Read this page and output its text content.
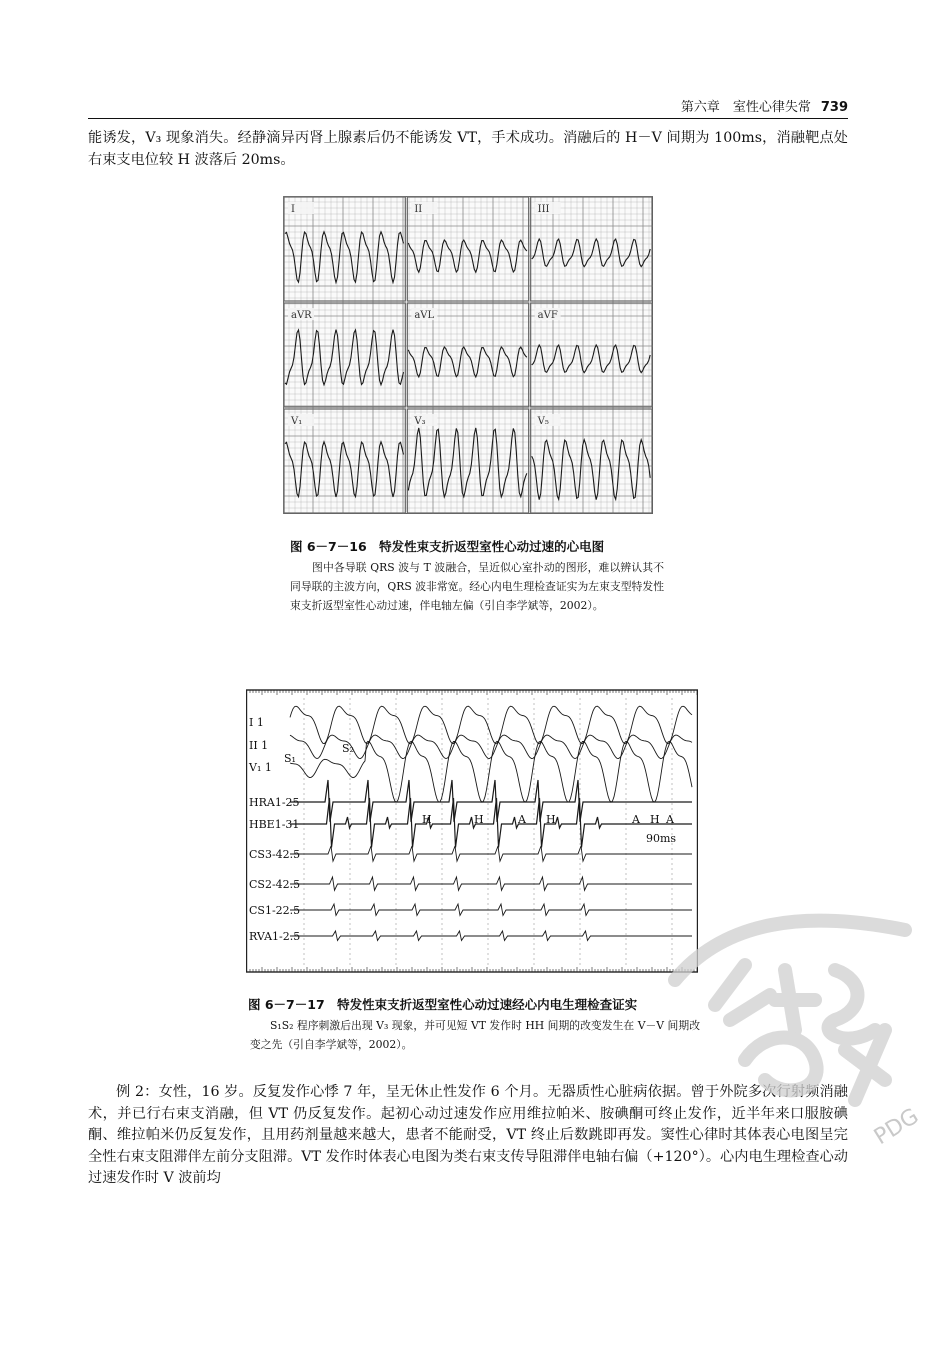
第六章　室性心律失常 739

能诱发，V₃ 现象消失。经静滴异丙肾上腺素后仍不能诱发 VT，手术成功。消融后的 H－V 间期为 100ms，消融靶点处右束支电位较 H 波落后 20ms。

I	II	III
aVR	aVL	aVF
V₁	V₃	V₅
图 6－7－16　特发性束支折返型室性心动过速的心电图

图中各导联 QRS 波与 T 波融合，呈近似心室扑动的图形，难以辨认其不同导联的主波方向，QRS 波非常宽。经心内电生理检查证实为左束支型特发性束支折返型室性心动过速，伴电轴左偏（引自李学斌等，2002）。

I 1
II 1
V₁ 1
HRA1-25
HBE1-31
CS3-42.5
CS2-42.5
CS1-22.5
RVA1-2.5
S₁
S₂
H	H	A H	A H A
90ms
图 6－7－17　特发性束支折返型室性心动过速经心内电生理检查证实

S₁S₂ 程序刺激后出现 V₃ 现象，并可见短 VT 发作时 HH 间期的改变发生在 V－V 间期改变之先（引自李学斌等，2002）。

例 2：女性，16 岁。反复发作心悸 7 年，呈无休止性发作 6 个月。无器质性心脏病依据。曾于外院多次行射频消融术，并已行右束支消融，但 VT 仍反复发作。起初心动过速发作应用维拉帕米、胺碘酮可终止发作，近半年来口服胺碘酮、维拉帕米仍反复发作，且用药剂量越来越大，患者不能耐受，VT 终止后数跳即再发。窦性心律时其体表心电图呈完全性右束支阻滞伴左前分支阻滞。VT 发作时体表心电图为类右束支传导阻滞伴电轴右偏（+120°）。心内电生理检查心动过速发作时 V 波前均

PDG
